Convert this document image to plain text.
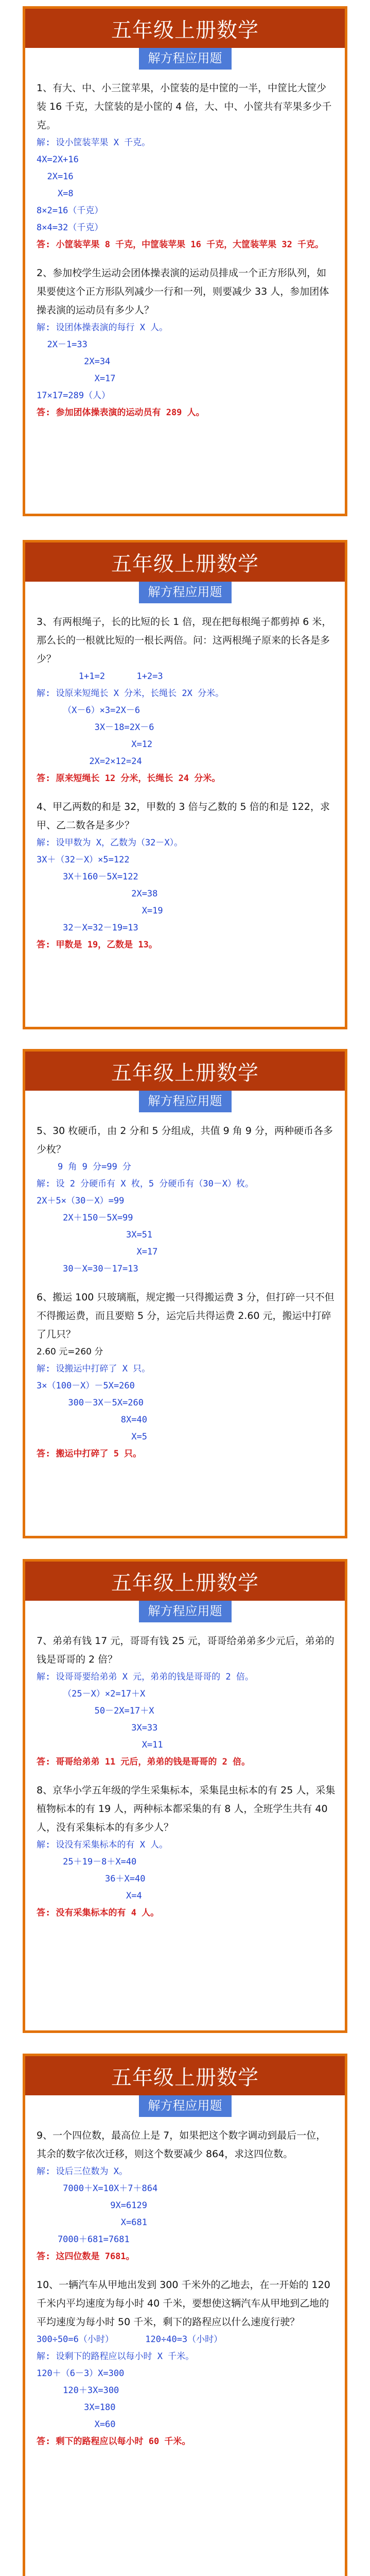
五年级上册数学
解方程应用题

1、有大、中、小三筐苹果，小筐装的是中筐的一半，中筐比大筐少装 16 千克，大筐装的是小筐的 4 倍，大、中、小筐共有苹果多少千克。

解: 设小筐装苹果 X 千克。

4X=2X+16

2X=16

X=8

8×2=16（千克）

8×4=32（千克）

答: 小筐装苹果 8 千克，中筐装苹果 16 千克，大筐装苹果 32 千克。

2、参加校学生运动会团体操表演的运动员排成一个正方形队列，如果要使这个正方形队列减少一行和一列，则要减少 33 人，参加团体操表演的运动员有多少人？

解: 设团体操表演的每行 X 人。

2X－1=33

2X=34

X=17

17×17=289（人）

答: 参加团体操表演的运动员有 289 人。

五年级上册数学
解方程应用题

3、有两根绳子，长的比短的长 1 倍，现在把每根绳子都剪掉 6 米，那么长的一根就比短的一根长两倍。问：这两根绳子原来的长各是多少？

1+1=2      1+2=3

解: 设原来短绳长 X 分米，长绳长 2X 分米。

（X－6）×3=2X－6

3X－18=2X－6

X=12

2X=2×12=24

答: 原来短绳长 12 分米，长绳长 24 分米。

4、甲乙两数的和是 32，甲数的 3 倍与乙数的 5 倍的和是 122，求甲、乙二数各是多少？

解: 设甲数为 X，乙数为（32－X）。

3X＋（32－X）×5=122

3X＋160－5X=122

2X=38

X=19

32－X=32－19=13

答: 甲数是 19，乙数是 13。

五年级上册数学
解方程应用题

5、30 枚硬币，由 2 分和 5 分组成，共值 9 角 9 分，两种硬币各多少枚？

9 角 9 分=99 分

解: 设 2 分硬币有 X 枚，5 分硬币有（30－X）枚。

2X＋5×（30－X）=99

2X＋150－5X=99

3X=51

X=17

30－X=30－17=13

6、搬运 100 只玻璃瓶，规定搬一只得搬运费 3 分，但打碎一只不但不得搬运费，而且要赔 5 分，运完后共得运费 2.60 元，搬运中打碎了几只？

2.60 元=260 分

解: 设搬运中打碎了 X 只。

3×（100－X）－5X=260

300－3X－5X=260

8X=40

X=5

答: 搬运中打碎了 5 只。

五年级上册数学
解方程应用题

7、弟弟有钱 17 元，哥哥有钱 25 元，哥哥给弟弟多少元后，弟弟的钱是哥哥的 2 倍？

解: 设哥哥要给弟弟 X 元，弟弟的钱是哥哥的 2 倍。

（25－X）×2=17＋X

50－2X=17＋X

3X=33

X=11

答: 哥哥给弟弟 11 元后，弟弟的钱是哥哥的 2 倍。

8、京华小学五年级的学生采集标本，采集昆虫标本的有 25 人，采集植物标本的有 19 人，两种标本都采集的有 8 人，全班学生共有 40 人，没有采集标本的有多少人？

解: 设没有采集标本的有 X 人。

25＋19－8＋X=40

36＋X=40

X=4

答: 没有采集标本的有 4 人。

五年级上册数学
解方程应用题

9、一个四位数，最高位上是 7，如果把这个数字调动到最后一位，其余的数字依次迁移，则这个数要减少 864，求这四位数。

解: 设后三位数为 X。

7000＋X=10X＋7＋864

9X=6129

X=681

7000＋681=7681

答: 这四位数是 7681。

10、一辆汽车从甲地出发到 300 千米外的乙地去，在一开始的 120 千米内平均速度为每小时 40 千米，要想使这辆汽车从甲地到乙地的平均速度为每小时 50 千米，剩下的路程应以什么速度行驶？

300÷50=6（小时）      120÷40=3（小时）

解: 设剩下的路程应以每小时 X 千米。

120＋（6－3）X=300

120＋3X=300

3X=180

X=60

答: 剩下的路程应以每小时 60 千米。
